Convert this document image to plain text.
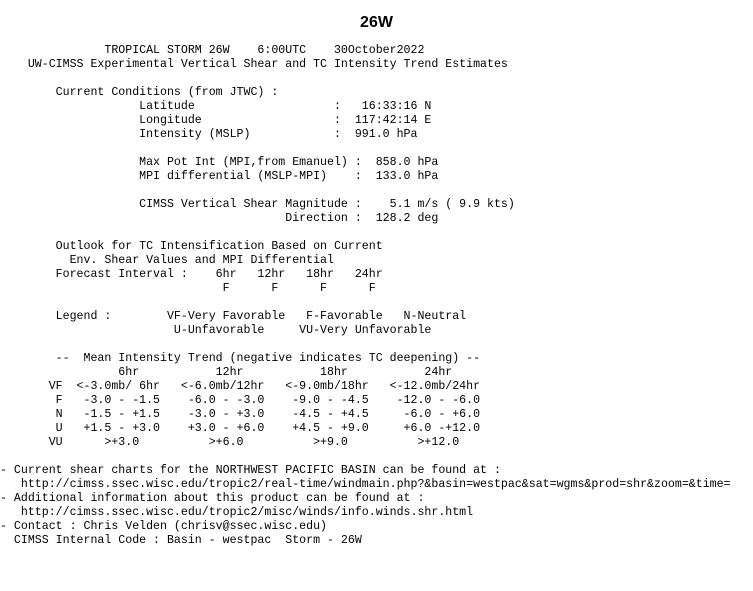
26W
TROPICAL STORM 26W    6:00UTC    30October2022
UW-CIMSS Experimental Vertical Shear and TC Intensity Trend Estimates
Current Conditions (from JTWC) :
Latitude                    :   16:33:16 N
Longitude                   :  117:42:14 E
Intensity (MSLP)            :  991.0 hPa
Max Pot Int (MPI,from Emanuel) :  858.0 hPa
MPI differential (MSLP-MPI)    :  133.0 hPa
CIMSS Vertical Shear Magnitude :    5.1 m/s ( 9.9 kts)
Direction :  128.2 deg
Outlook for TC Intensification Based on Current
Env. Shear Values and MPI Differential
Forecast Interval :    6hr   12hr   18hr   24hr
F      F      F      F
Legend :        VF-Very Favorable   F-Favorable   N-Neutral
U-Unfavorable     VU-Very Unfavorable
--  Mean Intensity Trend (negative indicates TC deepening) --
6hr           12hr           18hr           24hr
VF  <-3.0mb/ 6hr   <-6.0mb/12hr   <-9.0mb/18hr   <-12.0mb/24hr
F   -3.0 - -1.5    -6.0 - -3.0    -9.0 - -4.5    -12.0 - -6.0
N   -1.5 - +1.5    -3.0 - +3.0    -4.5 - +4.5     -6.0 - +6.0
U   +1.5 - +3.0    +3.0 - +6.0    +4.5 - +9.0     +6.0 -+12.0
VU      >+3.0          >+6.0          >+9.0          >+12.0
- Current shear charts for the NORTHWEST PACIFIC BASIN can be found at :
http://cimss.ssec.wisc.edu/tropic2/real-time/windmain.php?&basin=westpac&sat=wgms&prod=shr&zoom=&time=
- Additional information about this product can be found at :
http://cimss.ssec.wisc.edu/tropic2/misc/winds/info.winds.shr.html
- Contact : Chris Velden (chrisv@ssec.wisc.edu)
CIMSS Internal Code : Basin - westpac  Storm - 26W
